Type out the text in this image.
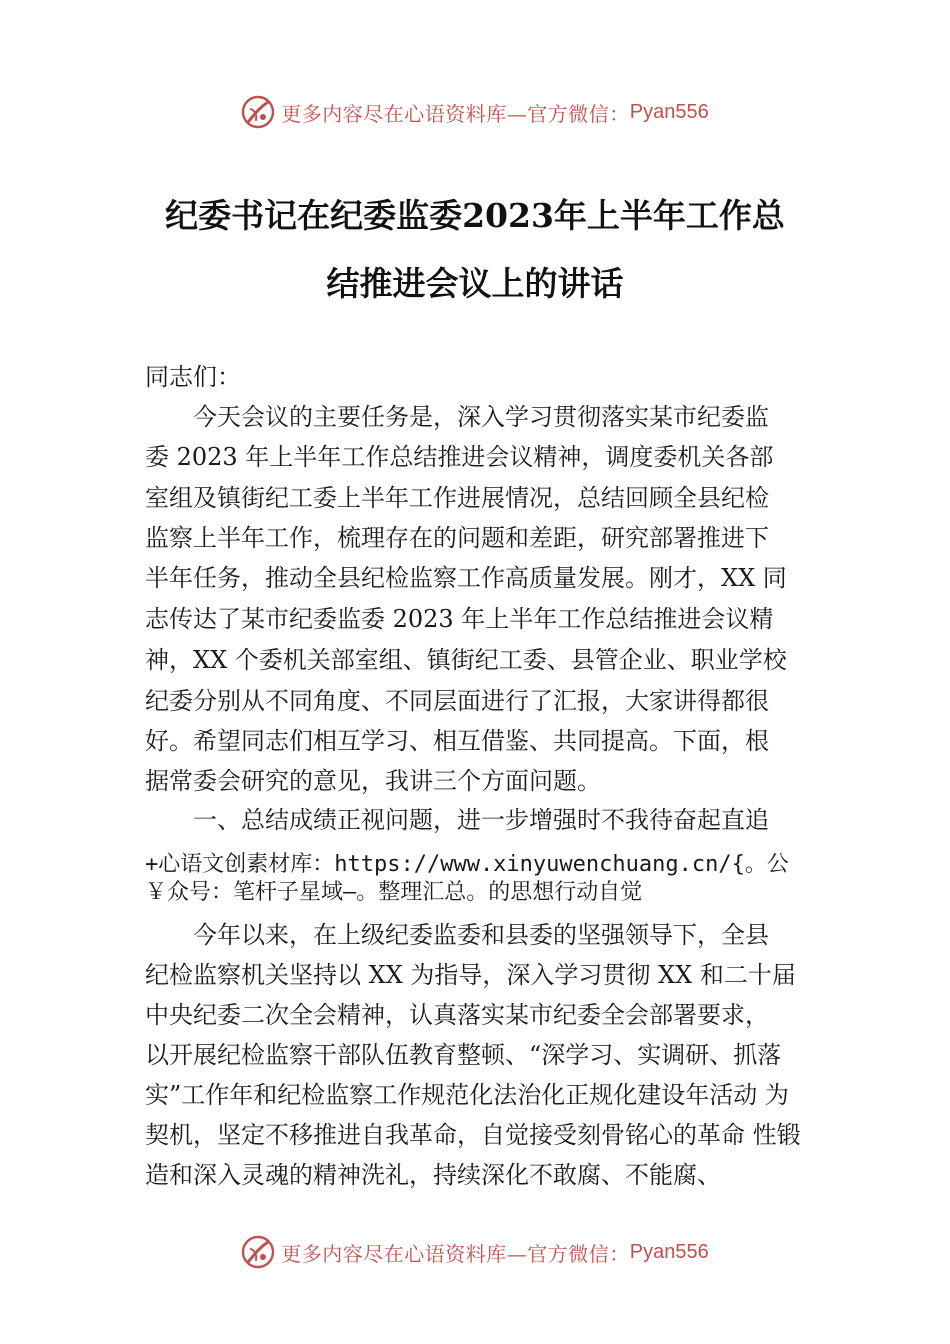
更多内容尽在心语资料库—官方微信： Pyan556
纪委书记在纪委监委2023年上半年工作总
结推进会议上的讲话
同志们：
　　今天会议的主要任务是，深入学习贯彻落实某市纪委监
委 2023 年上半年工作总结推进会议精神，调度委机关各部
室组及镇街纪工委上半年工作进展情况，总结回顾全县纪检
监察上半年工作，梳理存在的问题和差距，研究部署推进下
半年任务，推动全县纪检监察工作高质量发展。刚才，XX 同
志传达了某市纪委监委 2023 年上半年工作总结推进会议精
神，XX 个委机关部室组、镇街纪工委、县管企业、职业学校
纪委分别从不同角度、不同层面进行了汇报，大家讲得都很
好。希望同志们相互学习、相互借鉴、共同提高。下面，根
据常委会研究的意见，我讲三个方面问题。
　　一、总结成绩正视问题，进一步增强时不我待奋起直追
+心语文创素材库：https://www.xinyuwenchuang.cn/{。公
￥众号：笔杆子星域—。整理汇总。的思想行动自觉
　　今年以来，在上级纪委监委和县委的坚强领导下，全县
纪检监察机关坚持以 XX 为指导，深入学习贯彻 XX 和二十届
中央纪委二次全会精神，认真落实某市纪委全会部署要求，
以开展纪检监察干部队伍教育整顿、“深学习、实调研、抓落
实”工作年和纪检监察工作规范化法治化正规化建设年活动 为
契机，坚定不移推进自我革命，自觉接受刻骨铭心的革命 性锻
造和深入灵魂的精神洗礼，持续深化不敢腐、不能腐、
更多内容尽在心语资料库—官方微信： Pyan556
